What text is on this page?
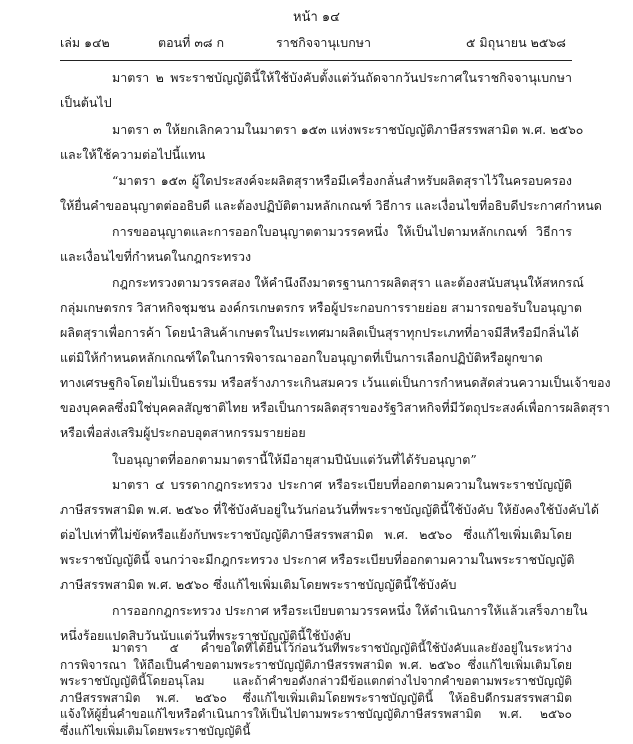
หน้า ๑๔
เล่ม ๑๔๒	ตอนที่ ๓๘ ก	ราชกิจจานุเบกษา	๕ มิถุนายน ๒๕๖๘
มาตรา ๒ พระราชบัญญัตินี้ให้ใช้บังคับตั้งแต่วันถัดจากวันประกาศในราชกิจจานุเบกษา
เป็นต้นไป
มาตรา ๓ ให้ยกเลิกความในมาตรา ๑๕๓ แห่งพระราชบัญญัติภาษีสรรพสามิต พ.ศ. ๒๕๖๐
และให้ใช้ความต่อไปนี้แทน
“มาตรา ๑๕๓ ผู้ใดประสงค์จะผลิตสุราหรือมีเครื่องกลั่นสำหรับผลิตสุราไว้ในครอบครอง
ให้ยื่นคำขออนุญาตต่ออธิบดี และต้องปฏิบัติตามหลักเกณฑ์ วิธีการ และเงื่อนไขที่อธิบดีประกาศกำหนด
การขออนุญาตและการออกใบอนุญาตตามวรรคหนึ่ง ให้เป็นไปตามหลักเกณฑ์ วิธีการ
และเงื่อนไขที่กำหนดในกฎกระทรวง
กฎกระทรวงตามวรรคสอง ให้คำนึงถึงมาตรฐานการผลิตสุรา และต้องสนับสนุนให้สหกรณ์
กลุ่มเกษตรกร วิสาหกิจชุมชน องค์กรเกษตรกร หรือผู้ประกอบการรายย่อย สามารถขอรับใบอนุญาต
ผลิตสุราเพื่อการค้า โดยนำสินค้าเกษตรในประเทศมาผลิตเป็นสุราทุกประเภทที่อาจมีสีหรือมีกลิ่นได้
แต่มิให้กำหนดหลักเกณฑ์ใดในการพิจารณาออกใบอนุญาตที่เป็นการเลือกปฏิบัติหรือผูกขาด
ทางเศรษฐกิจโดยไม่เป็นธรรม หรือสร้างภาระเกินสมควร เว้นแต่เป็นการกำหนดสัดส่วนความเป็นเจ้าของ
ของบุคคลซึ่งมิใช่บุคคลสัญชาติไทย หรือเป็นการผลิตสุราของรัฐวิสาหกิจที่มีวัตถุประสงค์เพื่อการผลิตสุรา
หรือเพื่อส่งเสริมผู้ประกอบอุตสาหกรรมรายย่อย
ใบอนุญาตที่ออกตามมาตรานี้ให้มีอายุสามปีนับแต่วันที่ได้รับอนุญาต”
มาตรา ๔ บรรดากฎกระทรวง ประกาศ หรือระเบียบที่ออกตามความในพระราชบัญญัติ
ภาษีสรรพสามิต พ.ศ. ๒๕๖๐ ที่ใช้บังคับอยู่ในวันก่อนวันที่พระราชบัญญัตินี้ใช้บังคับ ให้ยังคงใช้บังคับได้
ต่อไปเท่าที่ไม่ขัดหรือแย้งกับพระราชบัญญัติภาษีสรรพสามิต พ.ศ. ๒๕๖๐ ซึ่งแก้ไขเพิ่มเติมโดย
พระราชบัญญัตินี้ จนกว่าจะมีกฎกระทรวง ประกาศ หรือระเบียบที่ออกตามความในพระราชบัญญัติ
ภาษีสรรพสามิต พ.ศ. ๒๕๖๐ ซึ่งแก้ไขเพิ่มเติมโดยพระราชบัญญัตินี้ใช้บังคับ
การออกกฎกระทรวง ประกาศ หรือระเบียบตามวรรคหนึ่ง ให้ดำเนินการให้แล้วเสร็จภายใน
หนึ่งร้อยแปดสิบวันนับแต่วันที่พระราชบัญญัตินี้ใช้บังคับ
มาตรา ๕ คำขอใดที่ได้ยื่นไว้ก่อนวันที่พระราชบัญญัตินี้ใช้บังคับและยังอยู่ในระหว่าง
การพิจารณา ให้ถือเป็นคำขอตามพระราชบัญญัติภาษีสรรพสามิต พ.ศ. ๒๕๖๐ ซึ่งแก้ไขเพิ่มเติมโดย
พระราชบัญญัตินี้โดยอนุโลม และถ้าคำขอดังกล่าวมีข้อแตกต่างไปจากคำขอตามพระราชบัญญัติ
ภาษีสรรพสามิต พ.ศ. ๒๕๖๐ ซึ่งแก้ไขเพิ่มเติมโดยพระราชบัญญัตินี้ ให้อธิบดีกรมสรรพสามิต
แจ้งให้ผู้ยื่นคำขอแก้ไขหรือดำเนินการให้เป็นไปตามพระราชบัญญัติภาษีสรรพสามิต พ.ศ. ๒๕๖๐
ซึ่งแก้ไขเพิ่มเติมโดยพระราชบัญญัตินี้
